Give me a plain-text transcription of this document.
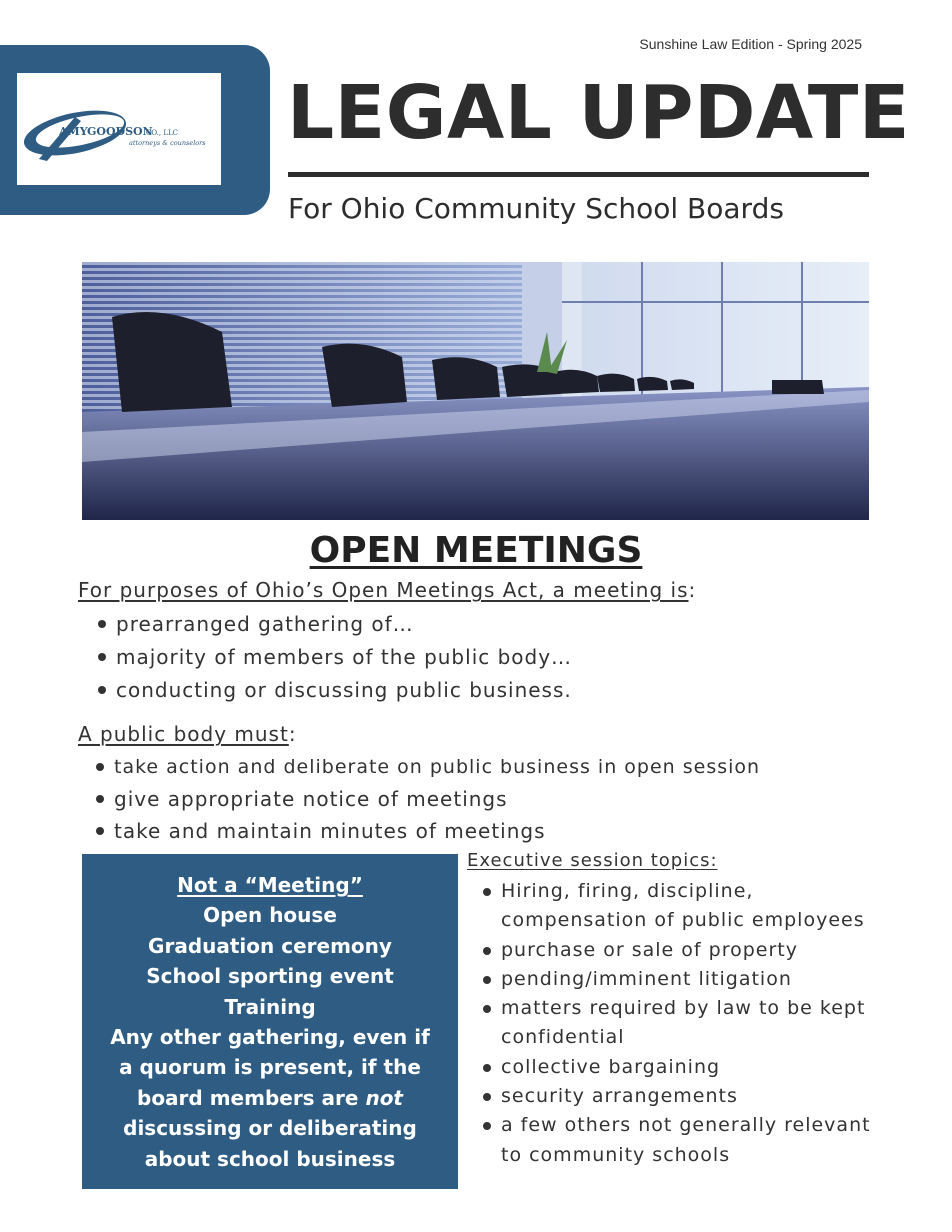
AMY GOODSON
CO., LLC
attorneys & counselors
Sunshine Law Edition - Spring 2025
LEGAL UPDATE
For Ohio Community School Boards
OPEN MEETINGS
For purposes of Ohio’s Open Meetings Act, a meeting is:
prearranged gathering of…
majority of members of the public body…
conducting or discussing public business.
A public body must:
take action and deliberate on public business in open session
give appropriate notice of meetings
take and maintain minutes of meetings
Not a “Meeting”
Open house
Graduation ceremony
School sporting event
Training
Any other gathering, even if a quorum is present, if the board members are not discussing or deliberating about school business
Executive session topics:
Hiring, firing, discipline, compensation of public employees
purchase or sale of property
pending/imminent litigation
matters required by law to be kept confidential
collective bargaining
security arrangements
a few others not generally relevant to community schools
